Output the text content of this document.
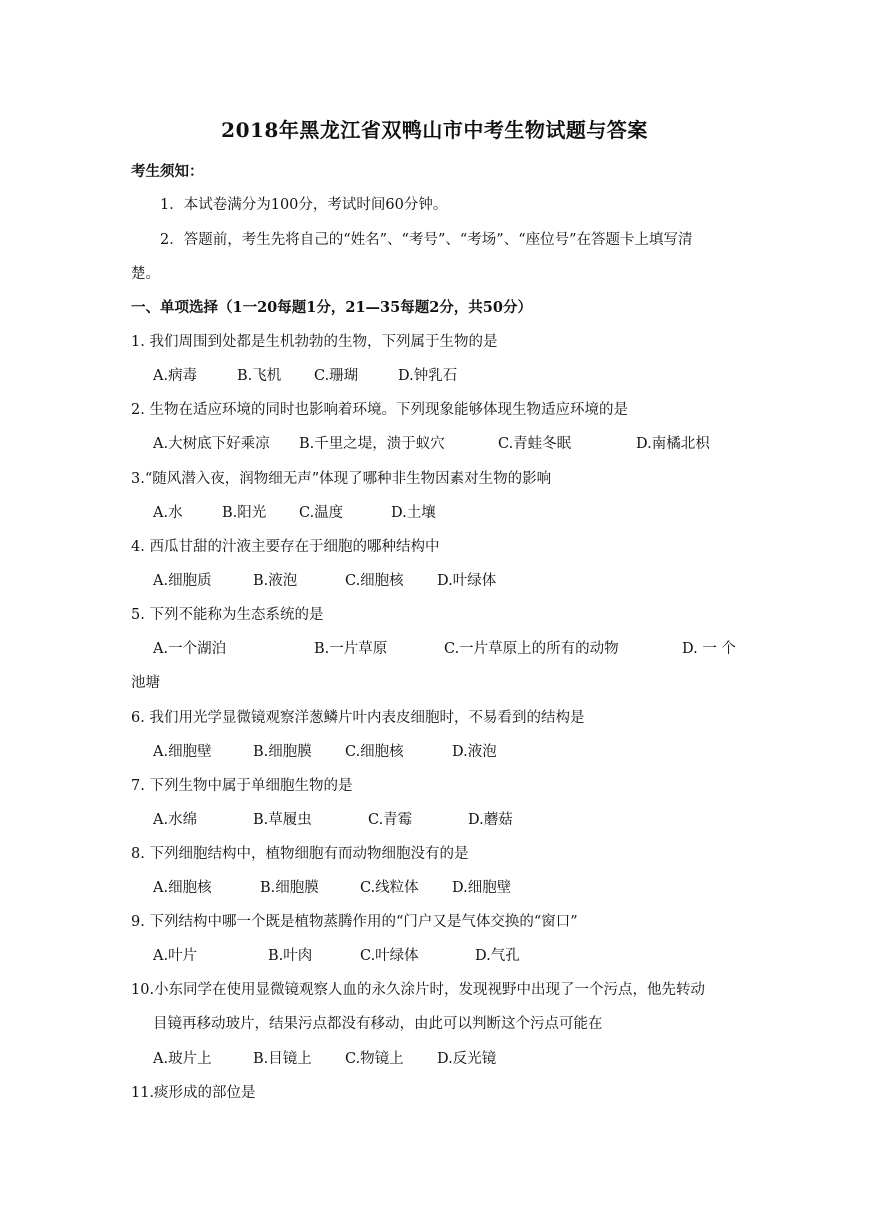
2018年黑龙江省双鸭山市中考生物试题与答案
考生须知：
1．本试卷满分为100分，考试时间60分钟。
2．答题前，考生先将自己的“姓名”、“考号”、“考场”、“座位号”在答题卡上填写清
楚。
一、单项选择（1一20每题1分，21—35每题2分，共50分）
1. 我们周围到处都是生机勃勃的生物，下列属于生物的是
A.病毒	B.飞机 C.珊瑚	D.钟乳石
2. 生物在适应环境的同时也影响着环境。下列现象能够体现生物适应环境的是
A.大树底下好乘凉 B.千里之堤，溃于蚁穴	C.青蛙冬眠	D.南橘北枳
3.“随风潜入夜，润物细无声”体现了哪种非生物因素对生物的影响
A.水	B.阳光 C.温度	D.土壤
4. 西瓜甘甜的汁液主要存在于细胞的哪种结构中
A.细胞质	B.液泡	C.细胞核 D.叶绿体
5. 下列不能称为生态系统的是
A.一个湖泊	B.一片草原	C.一片草原上的所有的动物	D. 一 个
池塘
6. 我们用光学显微镜观察洋葱鳞片叶内表皮细胞时，不易看到的结构是
A.细胞壁	B.细胞膜 C.细胞核	D.液泡
7. 下列生物中属于单细胞生物的是
A.水绵	B.草履虫	C.青霉	D.蘑菇
8. 下列细胞结构中，植物细胞有而动物细胞没有的是
A.细胞核	B.细胞膜	C.线粒体 D.细胞壁
9. 下列结构中哪一个既是植物蒸腾作用的“门户又是气体交换的“窗口”
A.叶片	B.叶肉	C.叶绿体	D.气孔
10.小东同学在使用显微镜观察人血的永久涂片时，发现视野中出现了一个污点，他先转动
目镜再移动玻片，结果污点都没有移动，由此可以判断这个污点可能在
A.玻片上	B.目镜上 C.物镜上 D.反光镜
11.痰形成的部位是
